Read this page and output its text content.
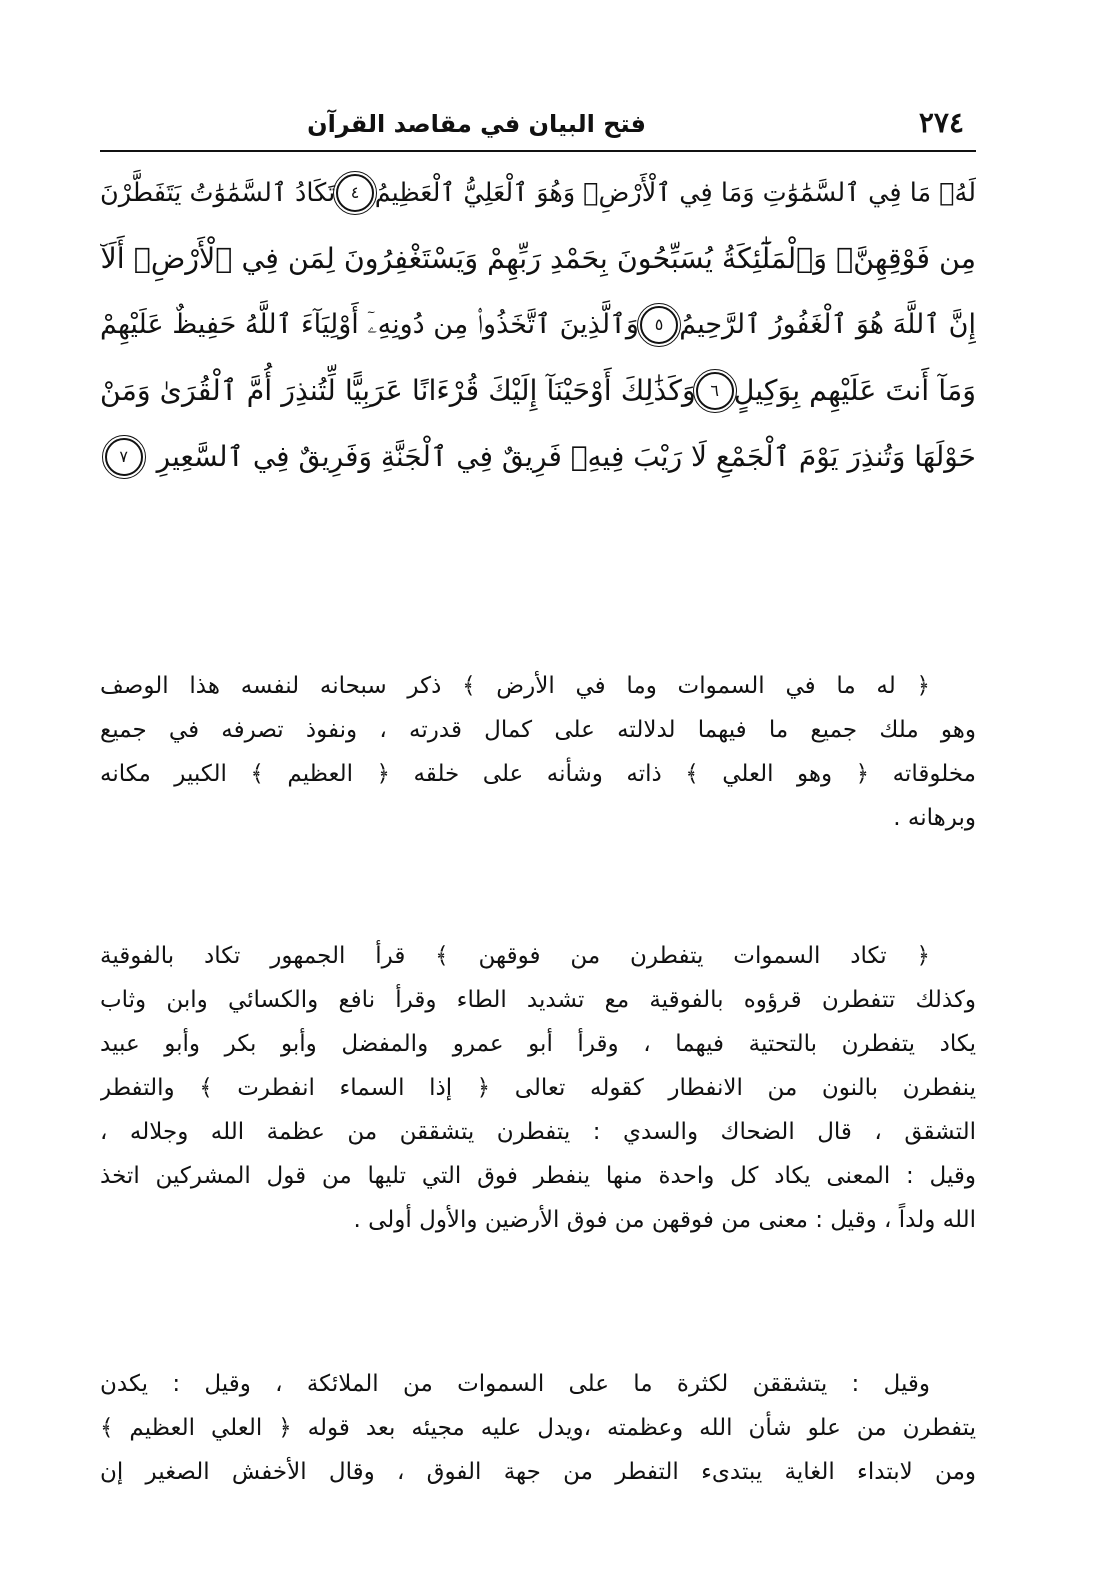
٢٧٤
فتح البيان في مقاصد القرآن
لَهُۥ مَا فِي ٱلسَّمَٰوَٰتِ وَمَا فِي ٱلْأَرْضِۖ وَهُوَ ٱلْعَلِيُّ ٱلْعَظِيمُ
٤
تَكَادُ ٱلسَّمَٰوَٰتُ يَتَفَطَّرْنَ
مِن فَوْقِهِنَّۚ وَٱلْمَلَٰٓئِكَةُ يُسَبِّحُونَ بِحَمْدِ رَبِّهِمْ وَيَسْتَغْفِرُونَ لِمَن فِي ٱلْأَرْضِۗ أَلَآ
إِنَّ ٱللَّهَ هُوَ ٱلْغَفُورُ ٱلرَّحِيمُ
٥
وَٱلَّذِينَ ٱتَّخَذُوا۟ مِن دُونِهِۦٓ أَوْلِيَآءَ ٱللَّهُ حَفِيظٌ عَلَيْهِمْ
وَمَآ أَنتَ عَلَيْهِم بِوَكِيلٍ
٦
وَكَذَٰلِكَ أَوْحَيْنَآ إِلَيْكَ قُرْءَانًا عَرَبِيًّا لِّتُنذِرَ أُمَّ ٱلْقُرَىٰ وَمَنْ
حَوْلَهَا وَتُنذِرَ يَوْمَ ٱلْجَمْعِ لَا رَيْبَ فِيهِۚ فَرِيقٌ فِي ٱلْجَنَّةِ وَفَرِيقٌ فِي ٱلسَّعِيرِ
٧
﴿ له ما في السموات وما في الأرض ﴾ ذكر سبحانه لنفسه هذا الوصف
وهو ملك جميع ما فيهما لدلالته على كمال قدرته ، ونفوذ تصرفه في جميع
مخلوقاته ﴿ وهو العلي ﴾ ذاته وشأنه على خلقه ﴿ العظيم ﴾ الكبير مكانه
وبرهانه .
﴿ تكاد السموات يتفطرن من فوقهن ﴾ قرأ الجمهور تكاد بالفوقية
وكذلك تتفطرن قرؤوه بالفوقية مع تشديد الطاء وقرأ نافع والكسائي وابن وثاب
يكاد يتفطرن بالتحتية فيهما ، وقرأ أبو عمرو والمفضل وأبو بكر وأبو عبيد
ينفطرن بالنون من الانفطار كقوله تعالى ﴿ إذا السماء انفطرت ﴾ والتفطر
التشقق ، قال الضحاك والسدي : يتفطرن يتشققن من عظمة الله وجلاله ،
وقيل : المعنى يكاد كل واحدة منها ينفطر فوق التي تليها من قول المشركين اتخذ
الله ولداً ، وقيل : معنى من فوقهن من فوق الأرضين والأول أولى .
وقيل : يتشققن لكثرة ما على السموات من الملائكة ، وقيل : يكدن
يتفطرن من علو شأن الله وعظمته ،ويدل عليه مجيئه بعد قوله ﴿ العلي العظيم ﴾
ومن لابتداء الغاية يبتدىء التفطر من جهة الفوق ، وقال الأخفش الصغير إن
